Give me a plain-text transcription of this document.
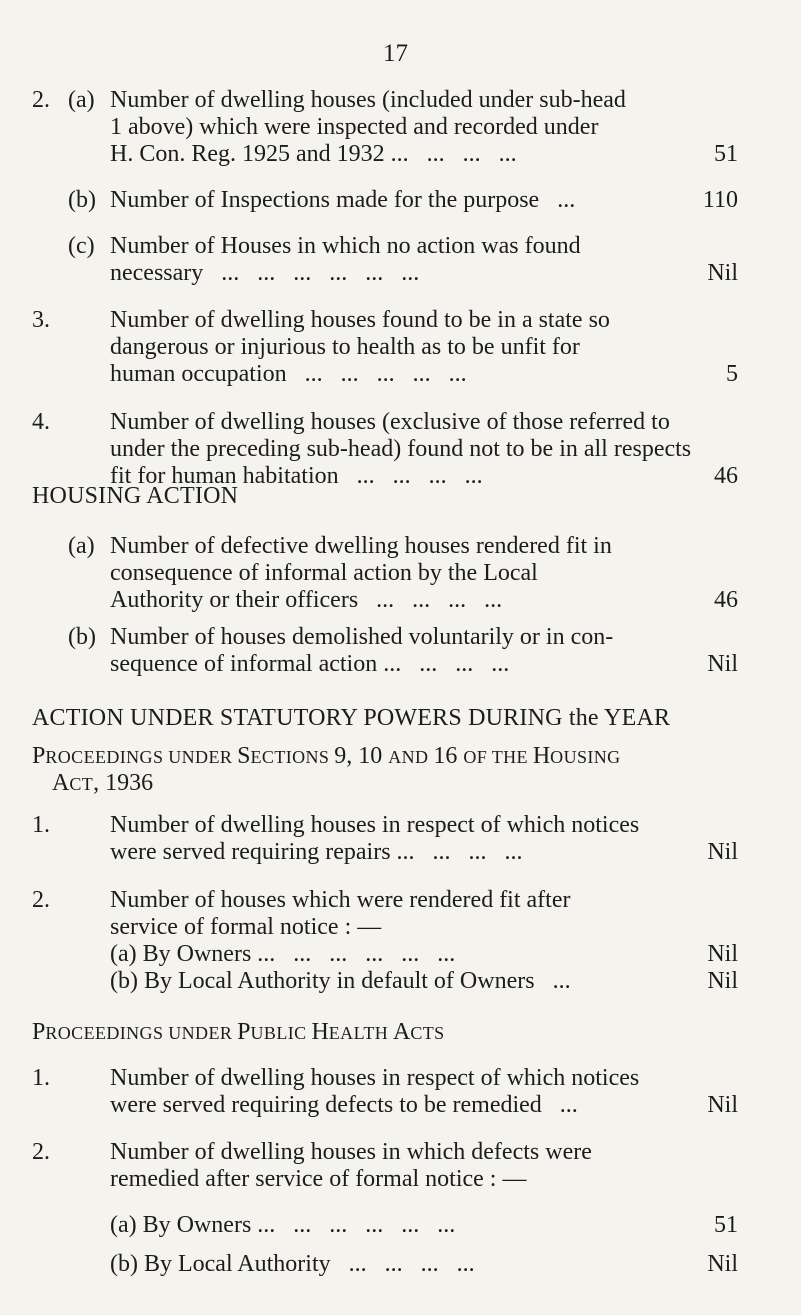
17
2. (a) Number of dwelling houses (included under sub-head
1 above) which were inspected and recorded under
H. Con. Reg. 1925 and 1932 ...   ...   ...   ...	51
(b) Number of Inspections made for the purpose   ...	110
(c) Number of Houses in which no action was found
necessary   ...   ...   ...   ...   ...   ...	Nil
3.	Number of dwelling houses found to be in a state so
dangerous or injurious to health as to be unfit for
human occupation   ...   ...   ...   ...   ...	5
4.	Number of dwelling houses (exclusive of those referred to
under the preceding sub-head) found not to be in all respects
fit for human habitation   ...   ...   ...   ...	46
HOUSING ACTION
(a) Number of defective dwelling houses rendered fit in
consequence of informal action by the Local
Authority or their officers   ...   ...   ...   ...	46
(b) Number of houses demolished voluntarily or in con-
sequence of informal action ...   ...   ...   ...	Nil
ACTION UNDER STATUTORY POWERS DURING the YEAR
PROCEEDINGS UNDER SECTIONS 9, 10 AND 16 OF THE HOUSING
ACT, 1936
1.	Number of dwelling houses in respect of which notices
were served requiring repairs ...   ...   ...   ...	Nil
2.	Number of houses which were rendered fit after
service of formal notice : —
(a) By Owners ...   ...   ...   ...   ...   ...	Nil
(b) By Local Authority in default of Owners   ...	Nil
PROCEEDINGS UNDER PUBLIC HEALTH ACTS
1.	Number of dwelling houses in respect of which notices
were served requiring defects to be remedied   ...	Nil
2.	Number of dwelling houses in which defects were
remedied after service of formal notice : —
(a) By Owners ...   ...   ...   ...   ...   ...	51
(b) By Local Authority   ...   ...   ...   ...	Nil
